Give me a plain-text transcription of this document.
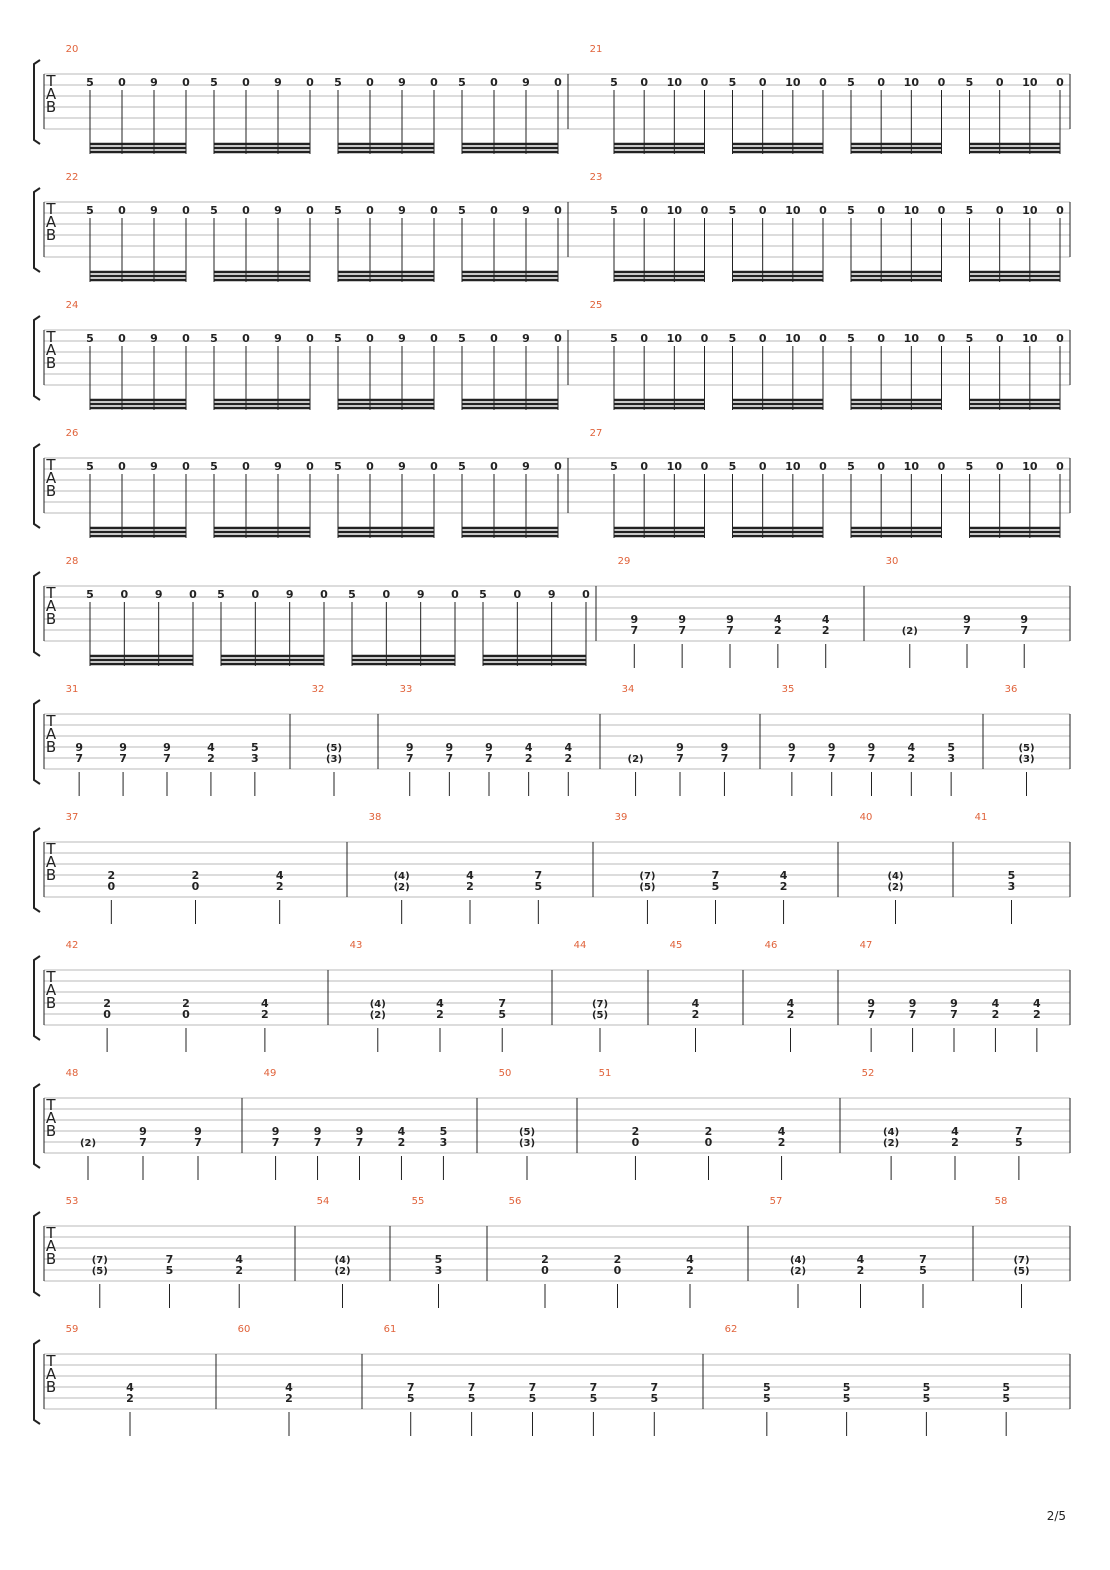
T
A
B
20
5 0 9 0 5 0 9 0 5 0 9 0 5 0 9 0
21
5 0 10 0 5 0 10 0 5 0 10 0 5 0 10 0
T
A
B
22
5 0 9 0 5 0 9 0 5 0 9 0 5 0 9 0
23
5 0 10 0 5 0 10 0 5 0 10 0 5 0 10 0
T
A
B
24
5 0 9 0 5 0 9 0 5 0 9 0 5 0 9 0
25
5 0 10 0 5 0 10 0 5 0 10 0 5 0 10 0
T
A
B
26
5 0 9 0 5 0 9 0 5 0 9 0 5 0 9 0
27
5 0 10 0 5 0 10 0 5 0 10 0 5 0 10 0
T
A
B
28
5 0 9 0 5 0 9 0 5 0 9 0 5 0 9 0
29
9
7
9
7
9
7
4
2
4
2
30
(2)
9
7
9
7
T
A
B
31
9
7
9
7
9
7
4
2
5
3
32
(5)
(3)
33
9
7
9
7
9
7
4
2
4
2
34
(2)
9
7
9
7
35
9
7
9
7
9
7
4
2
5
3
36
(5)
(3)
T
A
B
37
2
0
2
0
4
2
38
(4)
(2)
4
2
7
5
39
(7)
(5)
7
5
4
2
40
(4)
(2)
41
5
3
T
A
B
42
2
0
2
0
4
2
43
(4)
(2)
4
2
7
5
44
(7)
(5)
45
4
2
46
4
2
47
9
7
9
7
9
7
4
2
4
2
T
A
B
48
(2)
9
7
9
7
49
9
7
9
7
9
7
4
2
5
3
50
(5)
(3)
51
2
0
2
0
4
2
52
(4)
(2)
4
2
7
5
T
A
B
53
(7)
(5)
7
5
4
2
54
(4)
(2)
55
5
3
56
2
0
2
0
4
2
57
(4)
(2)
4
2
7
5
58
(7)
(5)
T
A
B
59
4
2
60
4
2
61
7
5
7
5
7
5
7
5
7
5
62
5
5
5
5
5
5
5
5
2/5
